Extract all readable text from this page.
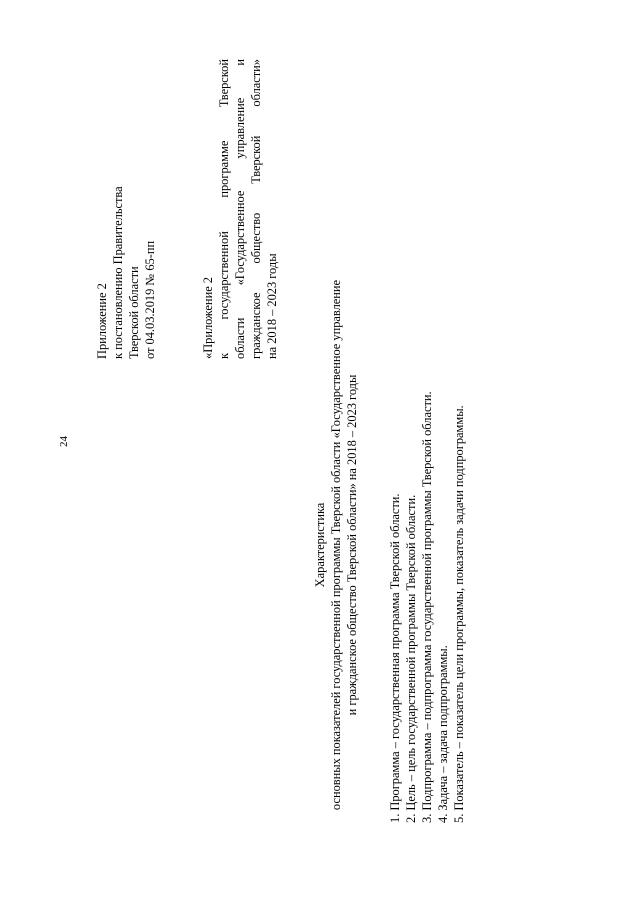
24
Приложение 2 к постановлению Правительства Тверской области от 04.03.2019 № 65-пп	«Приложение 2 к государственной программе Тверской области «Государственное управление и гражданское общество Тверской области» на 2018 – 2023 годы
Характеристика основных показателей государственной программы Тверской области «Государственное управление и гражданское общество Тверской области» на 2018 – 2023 годы 1. Программа – государственная программа Тверской области. 2. Цель – цель государственной программы Тверской области. 3. Подпрограмма – подпрограмма государственной программы Тверской области. 4. Задача – задача подпрограммы. 5. Показатель – показатель цели программы, показатель задачи подпрограммы.
